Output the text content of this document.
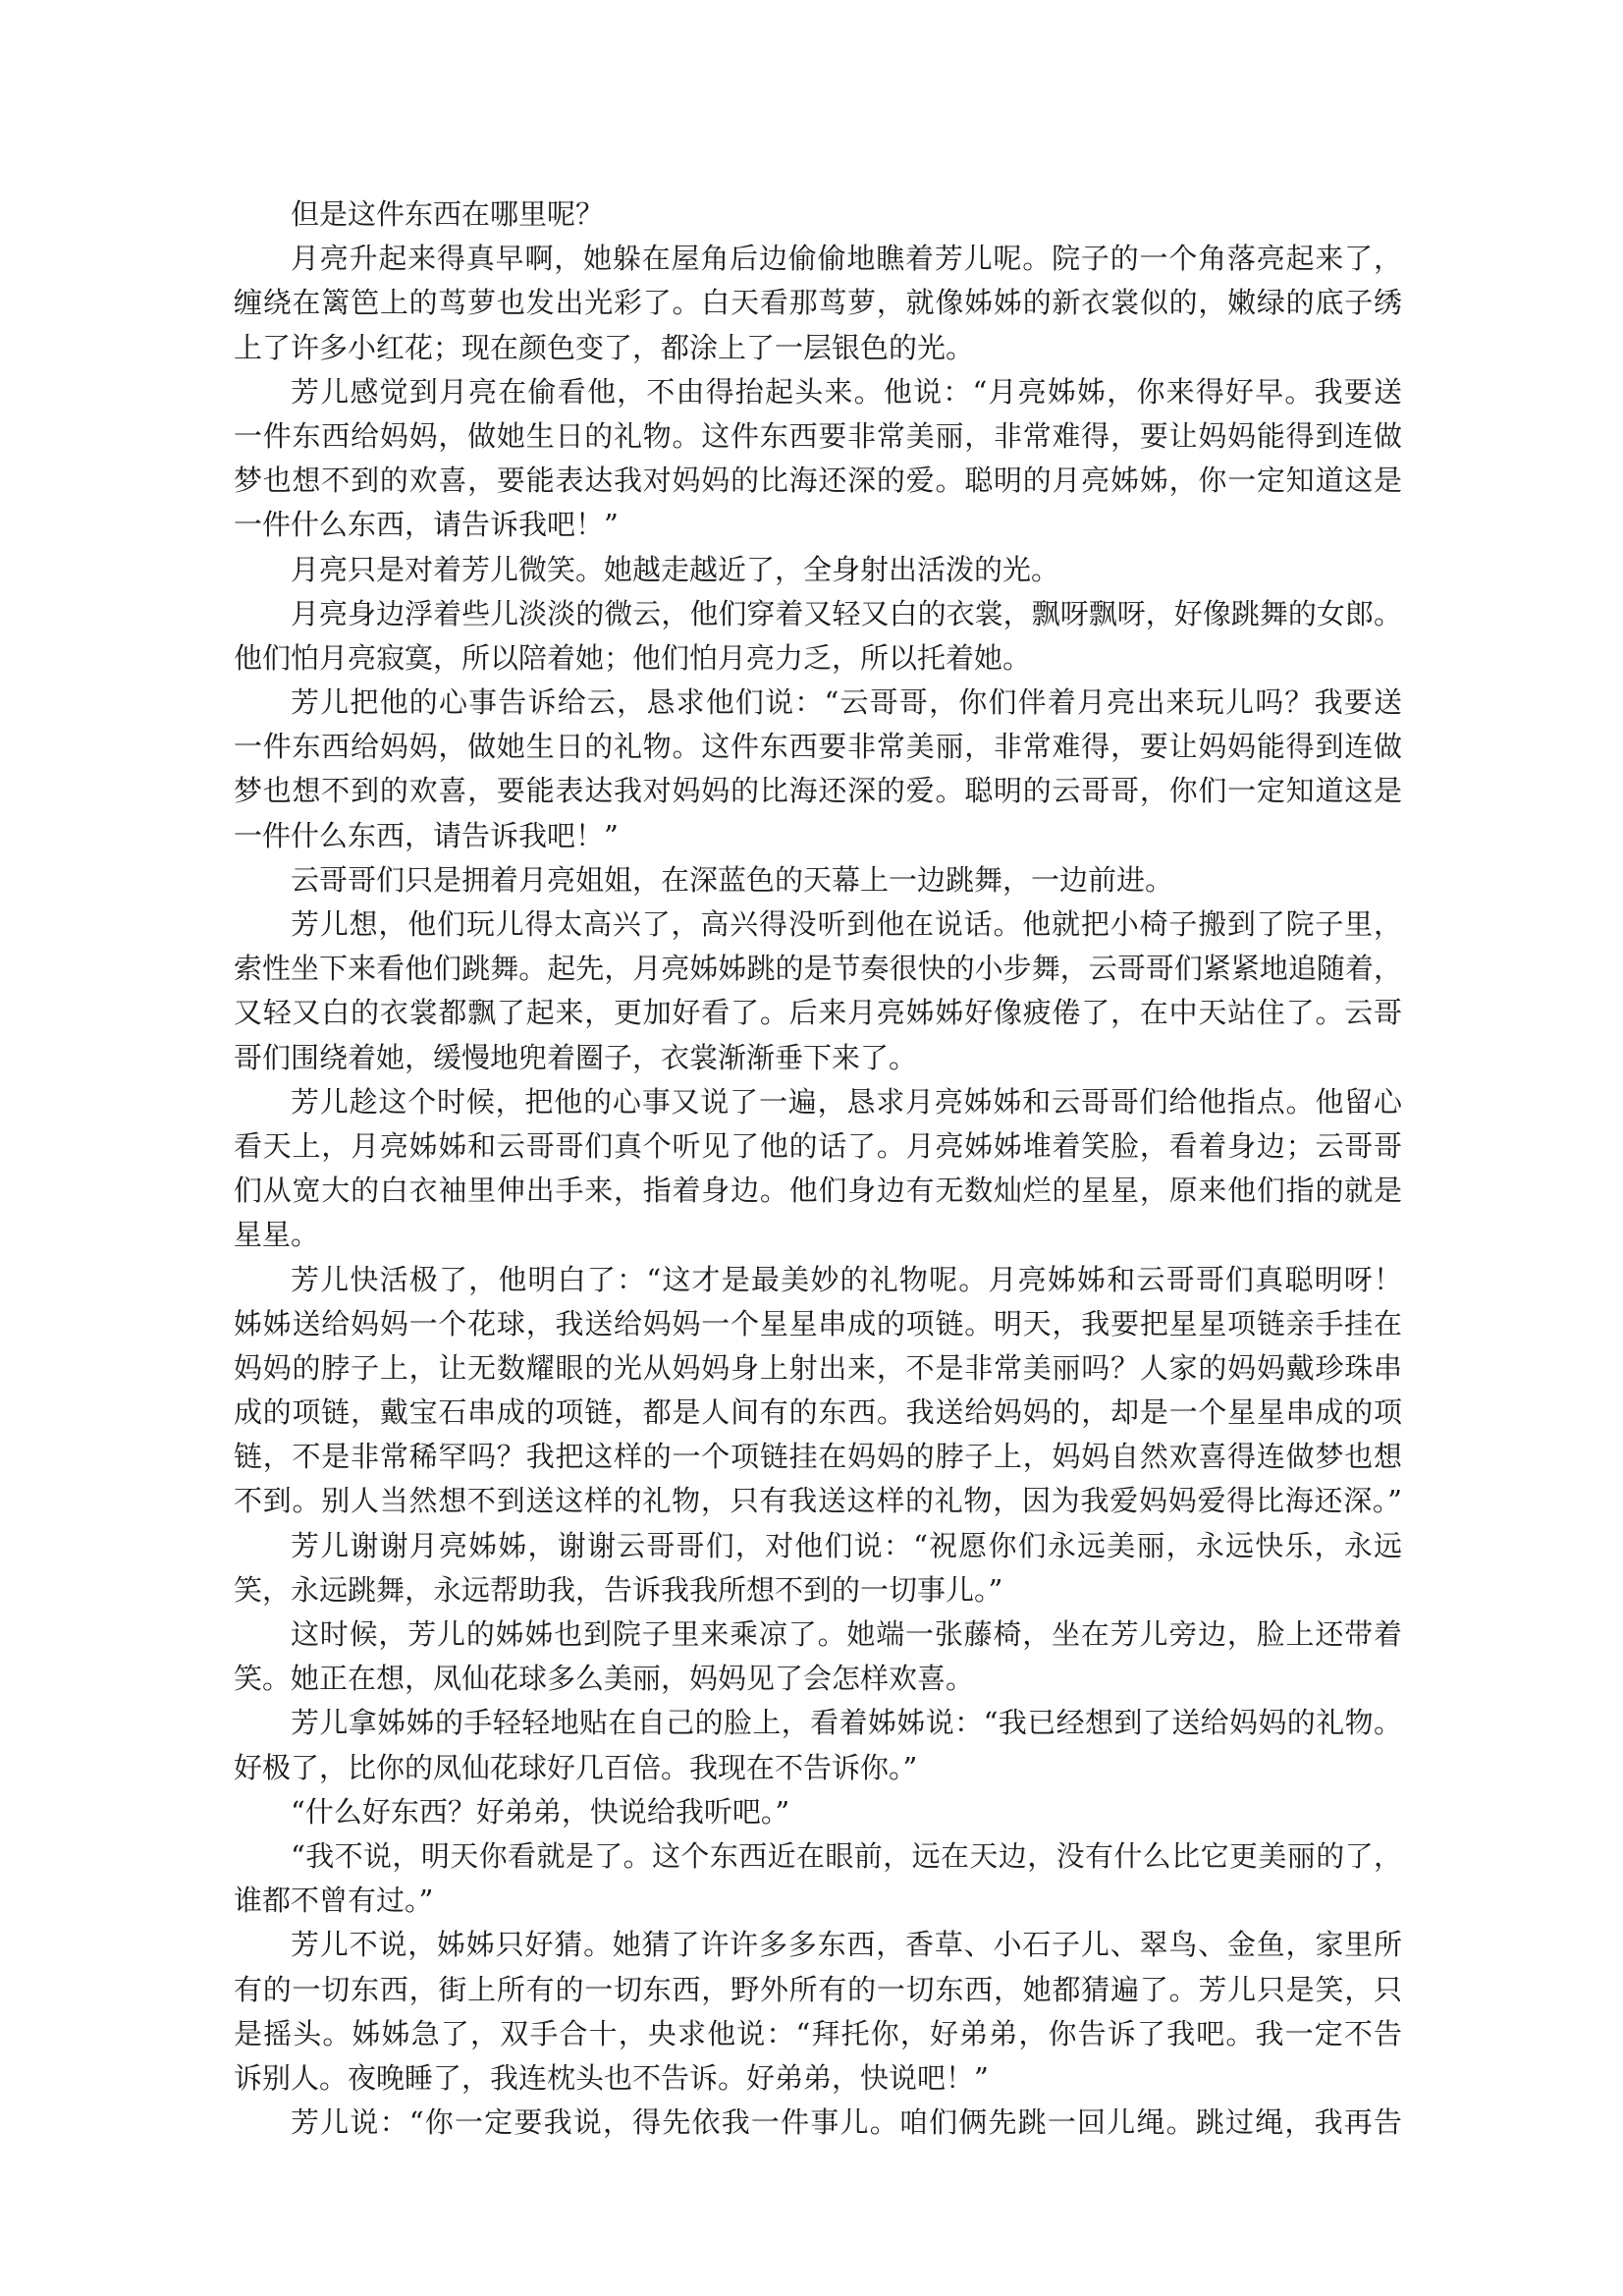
但是这件东西在哪里呢？
月亮升起来得真早啊，她躲在屋角后边偷偷地瞧着芳儿呢。院子的一个角落亮起来了，
缠绕在篱笆上的茑萝也发出光彩了。白天看那茑萝，就像姊姊的新衣裳似的，嫩绿的底子绣
上了许多小红花；现在颜色变了，都涂上了一层银色的光。
芳儿感觉到月亮在偷看他，不由得抬起头来。他说：“月亮姊姊，你来得好早。我要送
一件东西给妈妈，做她生日的礼物。这件东西要非常美丽，非常难得，要让妈妈能得到连做
梦也想不到的欢喜，要能表达我对妈妈的比海还深的爱。聪明的月亮姊姊，你一定知道这是
一件什么东西，请告诉我吧！”
月亮只是对着芳儿微笑。她越走越近了，全身射出活泼的光。
月亮身边浮着些儿淡淡的微云，他们穿着又轻又白的衣裳，飘呀飘呀，好像跳舞的女郎。
他们怕月亮寂寞，所以陪着她；他们怕月亮力乏，所以托着她。
芳儿把他的心事告诉给云，恳求他们说：“云哥哥，你们伴着月亮出来玩儿吗？我要送
一件东西给妈妈，做她生日的礼物。这件东西要非常美丽，非常难得，要让妈妈能得到连做
梦也想不到的欢喜，要能表达我对妈妈的比海还深的爱。聪明的云哥哥，你们一定知道这是
一件什么东西，请告诉我吧！”
云哥哥们只是拥着月亮姐姐，在深蓝色的天幕上一边跳舞，一边前进。
芳儿想，他们玩儿得太高兴了，高兴得没听到他在说话。他就把小椅子搬到了院子里，
索性坐下来看他们跳舞。起先，月亮姊姊跳的是节奏很快的小步舞，云哥哥们紧紧地追随着，
又轻又白的衣裳都飘了起来，更加好看了。后来月亮姊姊好像疲倦了，在中天站住了。云哥
哥们围绕着她，缓慢地兜着圈子，衣裳渐渐垂下来了。
芳儿趁这个时候，把他的心事又说了一遍，恳求月亮姊姊和云哥哥们给他指点。他留心
看天上，月亮姊姊和云哥哥们真个听见了他的话了。月亮姊姊堆着笑脸，看着身边；云哥哥
们从宽大的白衣袖里伸出手来，指着身边。他们身边有无数灿烂的星星，原来他们指的就是
星星。
芳儿快活极了，他明白了：“这才是最美妙的礼物呢。月亮姊姊和云哥哥们真聪明呀！
姊姊送给妈妈一个花球，我送给妈妈一个星星串成的项链。明天，我要把星星项链亲手挂在
妈妈的脖子上，让无数耀眼的光从妈妈身上射出来，不是非常美丽吗？人家的妈妈戴珍珠串
成的项链，戴宝石串成的项链，都是人间有的东西。我送给妈妈的，却是一个星星串成的项
链，不是非常稀罕吗？我把这样的一个项链挂在妈妈的脖子上，妈妈自然欢喜得连做梦也想
不到。别人当然想不到送这样的礼物，只有我送这样的礼物，因为我爱妈妈爱得比海还深。”
芳儿谢谢月亮姊姊，谢谢云哥哥们，对他们说：“祝愿你们永远美丽，永远快乐，永远
笑，永远跳舞，永远帮助我，告诉我我所想不到的一切事儿。”
这时候，芳儿的姊姊也到院子里来乘凉了。她端一张藤椅，坐在芳儿旁边，脸上还带着
笑。她正在想，凤仙花球多么美丽，妈妈见了会怎样欢喜。
芳儿拿姊姊的手轻轻地贴在自己的脸上，看着姊姊说：“我已经想到了送给妈妈的礼物。
好极了，比你的凤仙花球好几百倍。我现在不告诉你。”
“什么好东西？好弟弟，快说给我听吧。”
“我不说，明天你看就是了。这个东西近在眼前，远在天边，没有什么比它更美丽的了，
谁都不曾有过。”
芳儿不说，姊姊只好猜。她猜了许许多多东西，香草、小石子儿、翠鸟、金鱼，家里所
有的一切东西，街上所有的一切东西，野外所有的一切东西，她都猜遍了。芳儿只是笑，只
是摇头。姊姊急了，双手合十，央求他说：“拜托你，好弟弟，你告诉了我吧。我一定不告
诉别人。夜晚睡了，我连枕头也不告诉。好弟弟，快说吧！”
芳儿说：“你一定要我说，得先依我一件事儿。咱们俩先跳一回儿绳。跳过绳，我再告
